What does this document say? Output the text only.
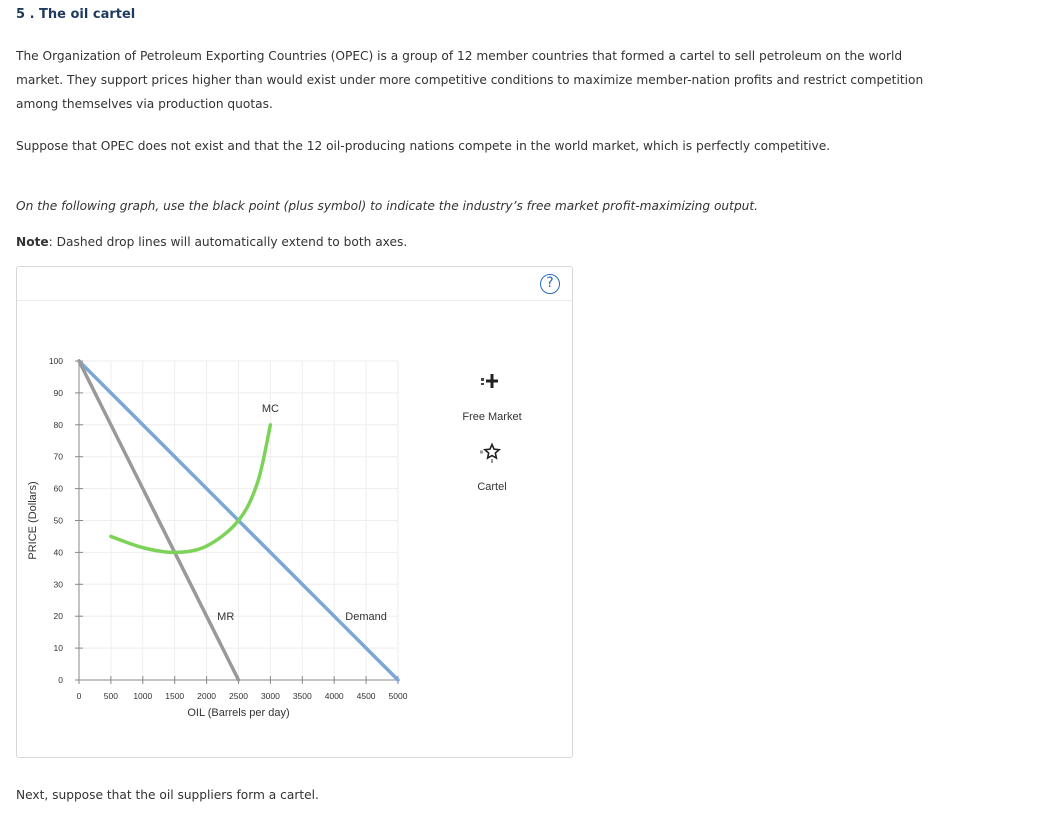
5 . The oil cartel
The Organization of Petroleum Exporting Countries (OPEC) is a group of 12 member countries that formed a cartel to sell petroleum on the world market. They support prices higher than would exist under more competitive conditions to maximize member-nation profits and restrict competition among themselves via production quotas.
Suppose that OPEC does not exist and that the 12 oil-producing nations compete in the world market, which is perfectly competitive.
On the following graph, use the black point (plus symbol) to indicate the industry’s free market profit-maximizing output.
Note: Dashed drop lines will automatically extend to both axes.
?
0
10
20
30
40
50
60
70
80
90
100
0	500 1000 1500 2000 2500 3000 3500 4000 4500 5000
OIL (Barrels per day)
PRICE (Dollars)
MC
MR	Demand
Free Market
Cartel
Next, suppose that the oil suppliers form a cartel.
